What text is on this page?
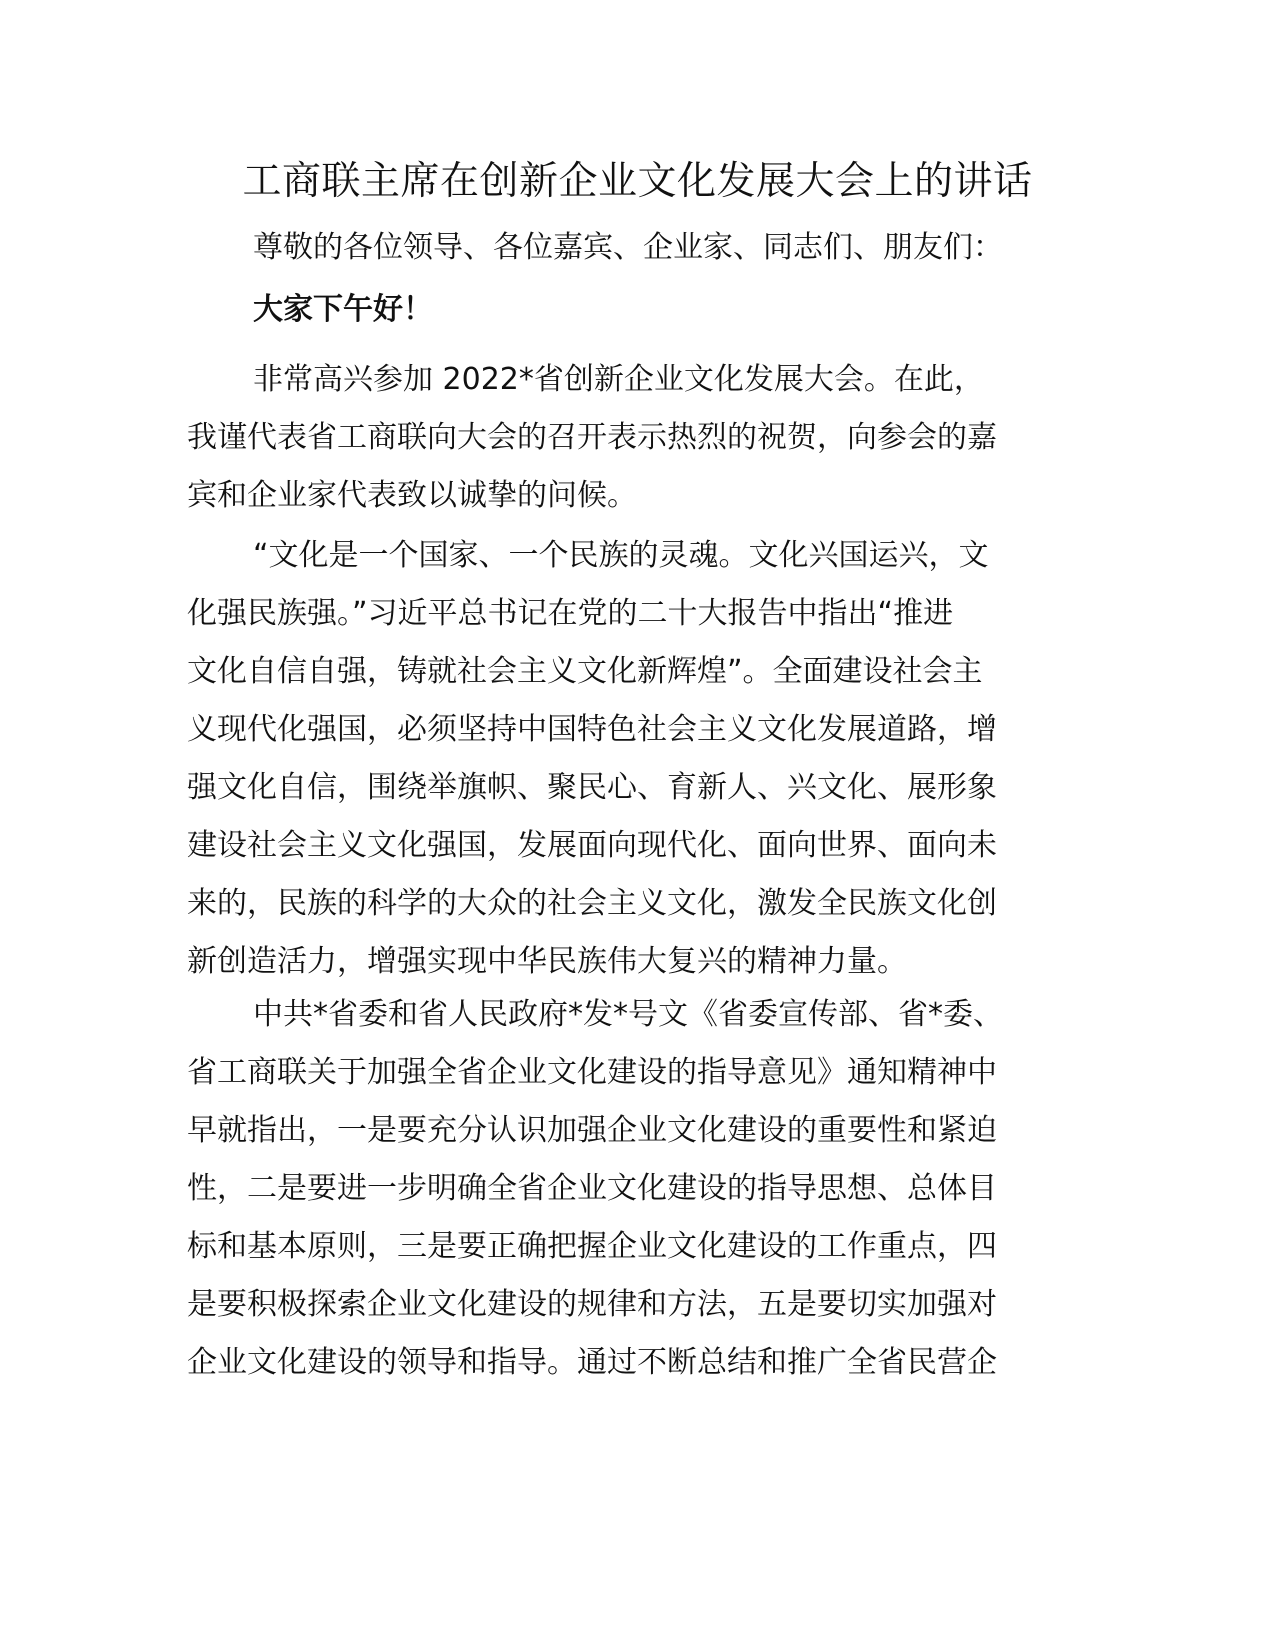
工商联主席在创新企业文化发展大会上的讲话

尊敬的各位领导、各位嘉宾、企业家、同志们、朋友们：

大家下午好！

非常高兴参加 2022*省创新企业文化发展大会。在此，
我谨代表省工商联向大会的召开表示热烈的祝贺，向参会的嘉
宾和企业家代表致以诚挚的问候。

“文化是一个国家、一个民族的灵魂。文化兴国运兴，文
化强民族强。”习近平总书记在党的二十大报告中指出“推进
文化自信自强，铸就社会主义文化新辉煌”。全面建设社会主
义现代化强国，必须坚持中国特色社会主义文化发展道路，增
强文化自信，围绕举旗帜、聚民心、育新人、兴文化、展形象
建设社会主义文化强国，发展面向现代化、面向世界、面向未
来的，民族的科学的大众的社会主义文化，激发全民族文化创
新创造活力，增强实现中华民族伟大复兴的精神力量。

中共*省委和省人民政府*发*号文《省委宣传部、省*委、
省工商联关于加强全省企业文化建设的指导意见》通知精神中
早就指出，一是要充分认识加强企业文化建设的重要性和紧迫
性，二是要进一步明确全省企业文化建设的指导思想、总体目
标和基本原则，三是要正确把握企业文化建设的工作重点，四
是要积极探索企业文化建设的规律和方法，五是要切实加强对
企业文化建设的领导和指导。通过不断总结和推广全省民营企
